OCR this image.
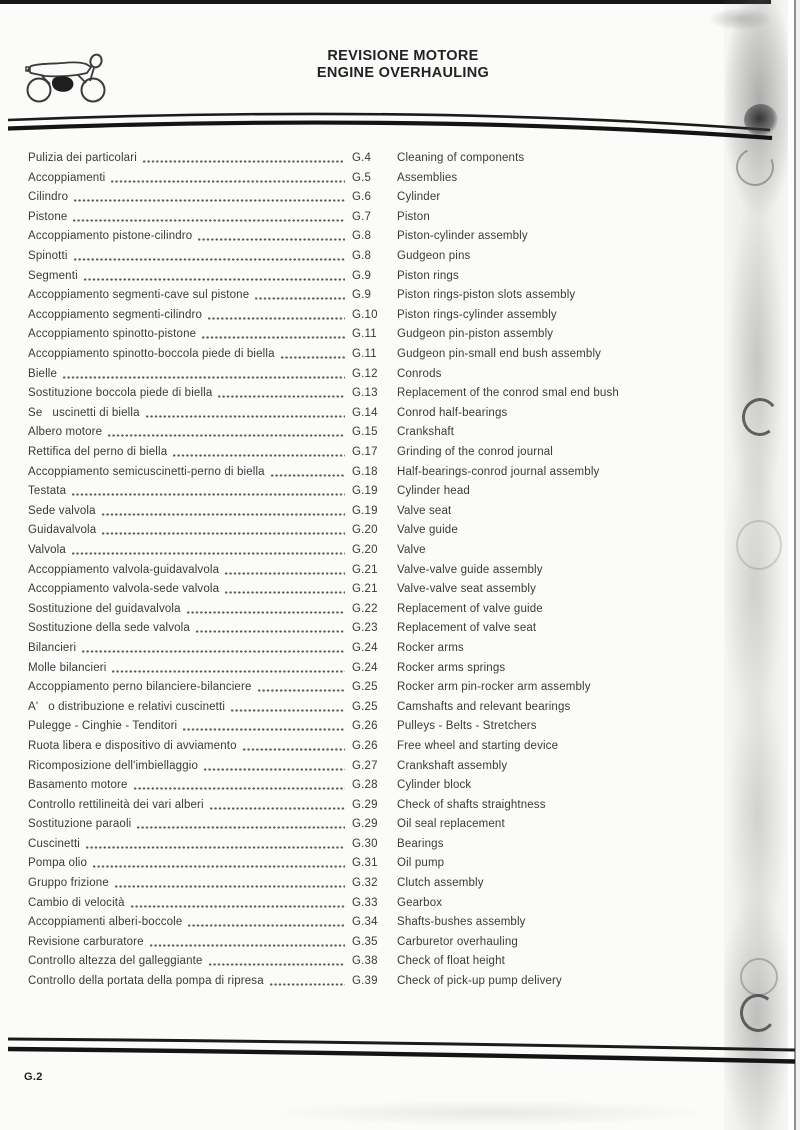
REVISIONE MOTORE
ENGINE OVERHAULING
Pulizia dei particolari	G.4	Cleaning of components
Accoppiamenti	G.5	Assemblies
Cilindro	G.6	Cylinder
Pistone	G.7	Piston
Accoppiamento pistone-cilindro	G.8	Piston-cylinder assembly
Spinotti	G.8	Gudgeon pins
Segmenti	G.9	Piston rings
Accoppiamento segmenti-cave sul pistone	G.9	Piston rings-piston slots assembly
Accoppiamento segmenti-cilindro	G.10	Piston rings-cylinder assembly
Accoppiamento spinotto-pistone	G.11	Gudgeon pin-piston assembly
Accoppiamento spinotto-boccola piede di biella	G.11	Gudgeon pin-small end bush assembly
Bielle	G.12	Conrods
Sostituzione boccola piede di biella	G.13	Replacement of the conrod smal end bush
Se   uscinetti di biella	G.14	Conrod half-bearings
Albero motore	G.15	Crankshaft
Rettifica del perno di biella	G.17	Grinding of the conrod journal
Accoppiamento semicuscinetti-perno di biella	G.18	Half-bearings-conrod journal assembly
Testata	G.19	Cylinder head
Sede valvola	G.19	Valve seat
Guidavalvola	G.20	Valve guide
Valvola	G.20	Valve
Accoppiamento valvola-guidavalvola	G.21	Valve-valve guide assembly
Accoppiamento valvola-sede valvola	G.21	Valve-valve seat assembly
Sostituzione del guidavalvola	G.22	Replacement of valve guide
Sostituzione della sede valvola	G.23	Replacement of valve seat
Bilancieri	G.24	Rocker arms
Molle bilancieri	G.24	Rocker arms springs
Accoppiamento perno bilanciere-bilanciere	G.25	Rocker arm pin-rocker arm assembly
A'   o distribuzione e relativi cuscinetti	G.25	Camshafts and relevant bearings
Pulegge - Cinghie - Tenditori	G.26	Pulleys - Belts - Stretchers
Ruota libera e dispositivo di avviamento	G.26	Free wheel and starting device
Ricomposizione dell'imbiellaggio	G.27	Crankshaft assembly
Basamento motore	G.28	Cylinder block
Controllo rettilineità dei vari alberi	G.29	Check of shafts straightness
Sostituzione paraoli	G.29	Oil seal replacement
Cuscinetti	G.30	Bearings
Pompa olio	G.31	Oil pump
Gruppo frizione	G.32	Clutch assembly
Cambio di velocità	G.33	Gearbox
Accoppiamenti alberi-boccole	G.34	Shafts-bushes assembly
Revisione carburatore	G.35	Carburetor overhauling
Controllo altezza del galleggiante	G.38	Check of float height
Controllo della portata della pompa di ripresa	G.39	Check of pick-up pump delivery
G.2
